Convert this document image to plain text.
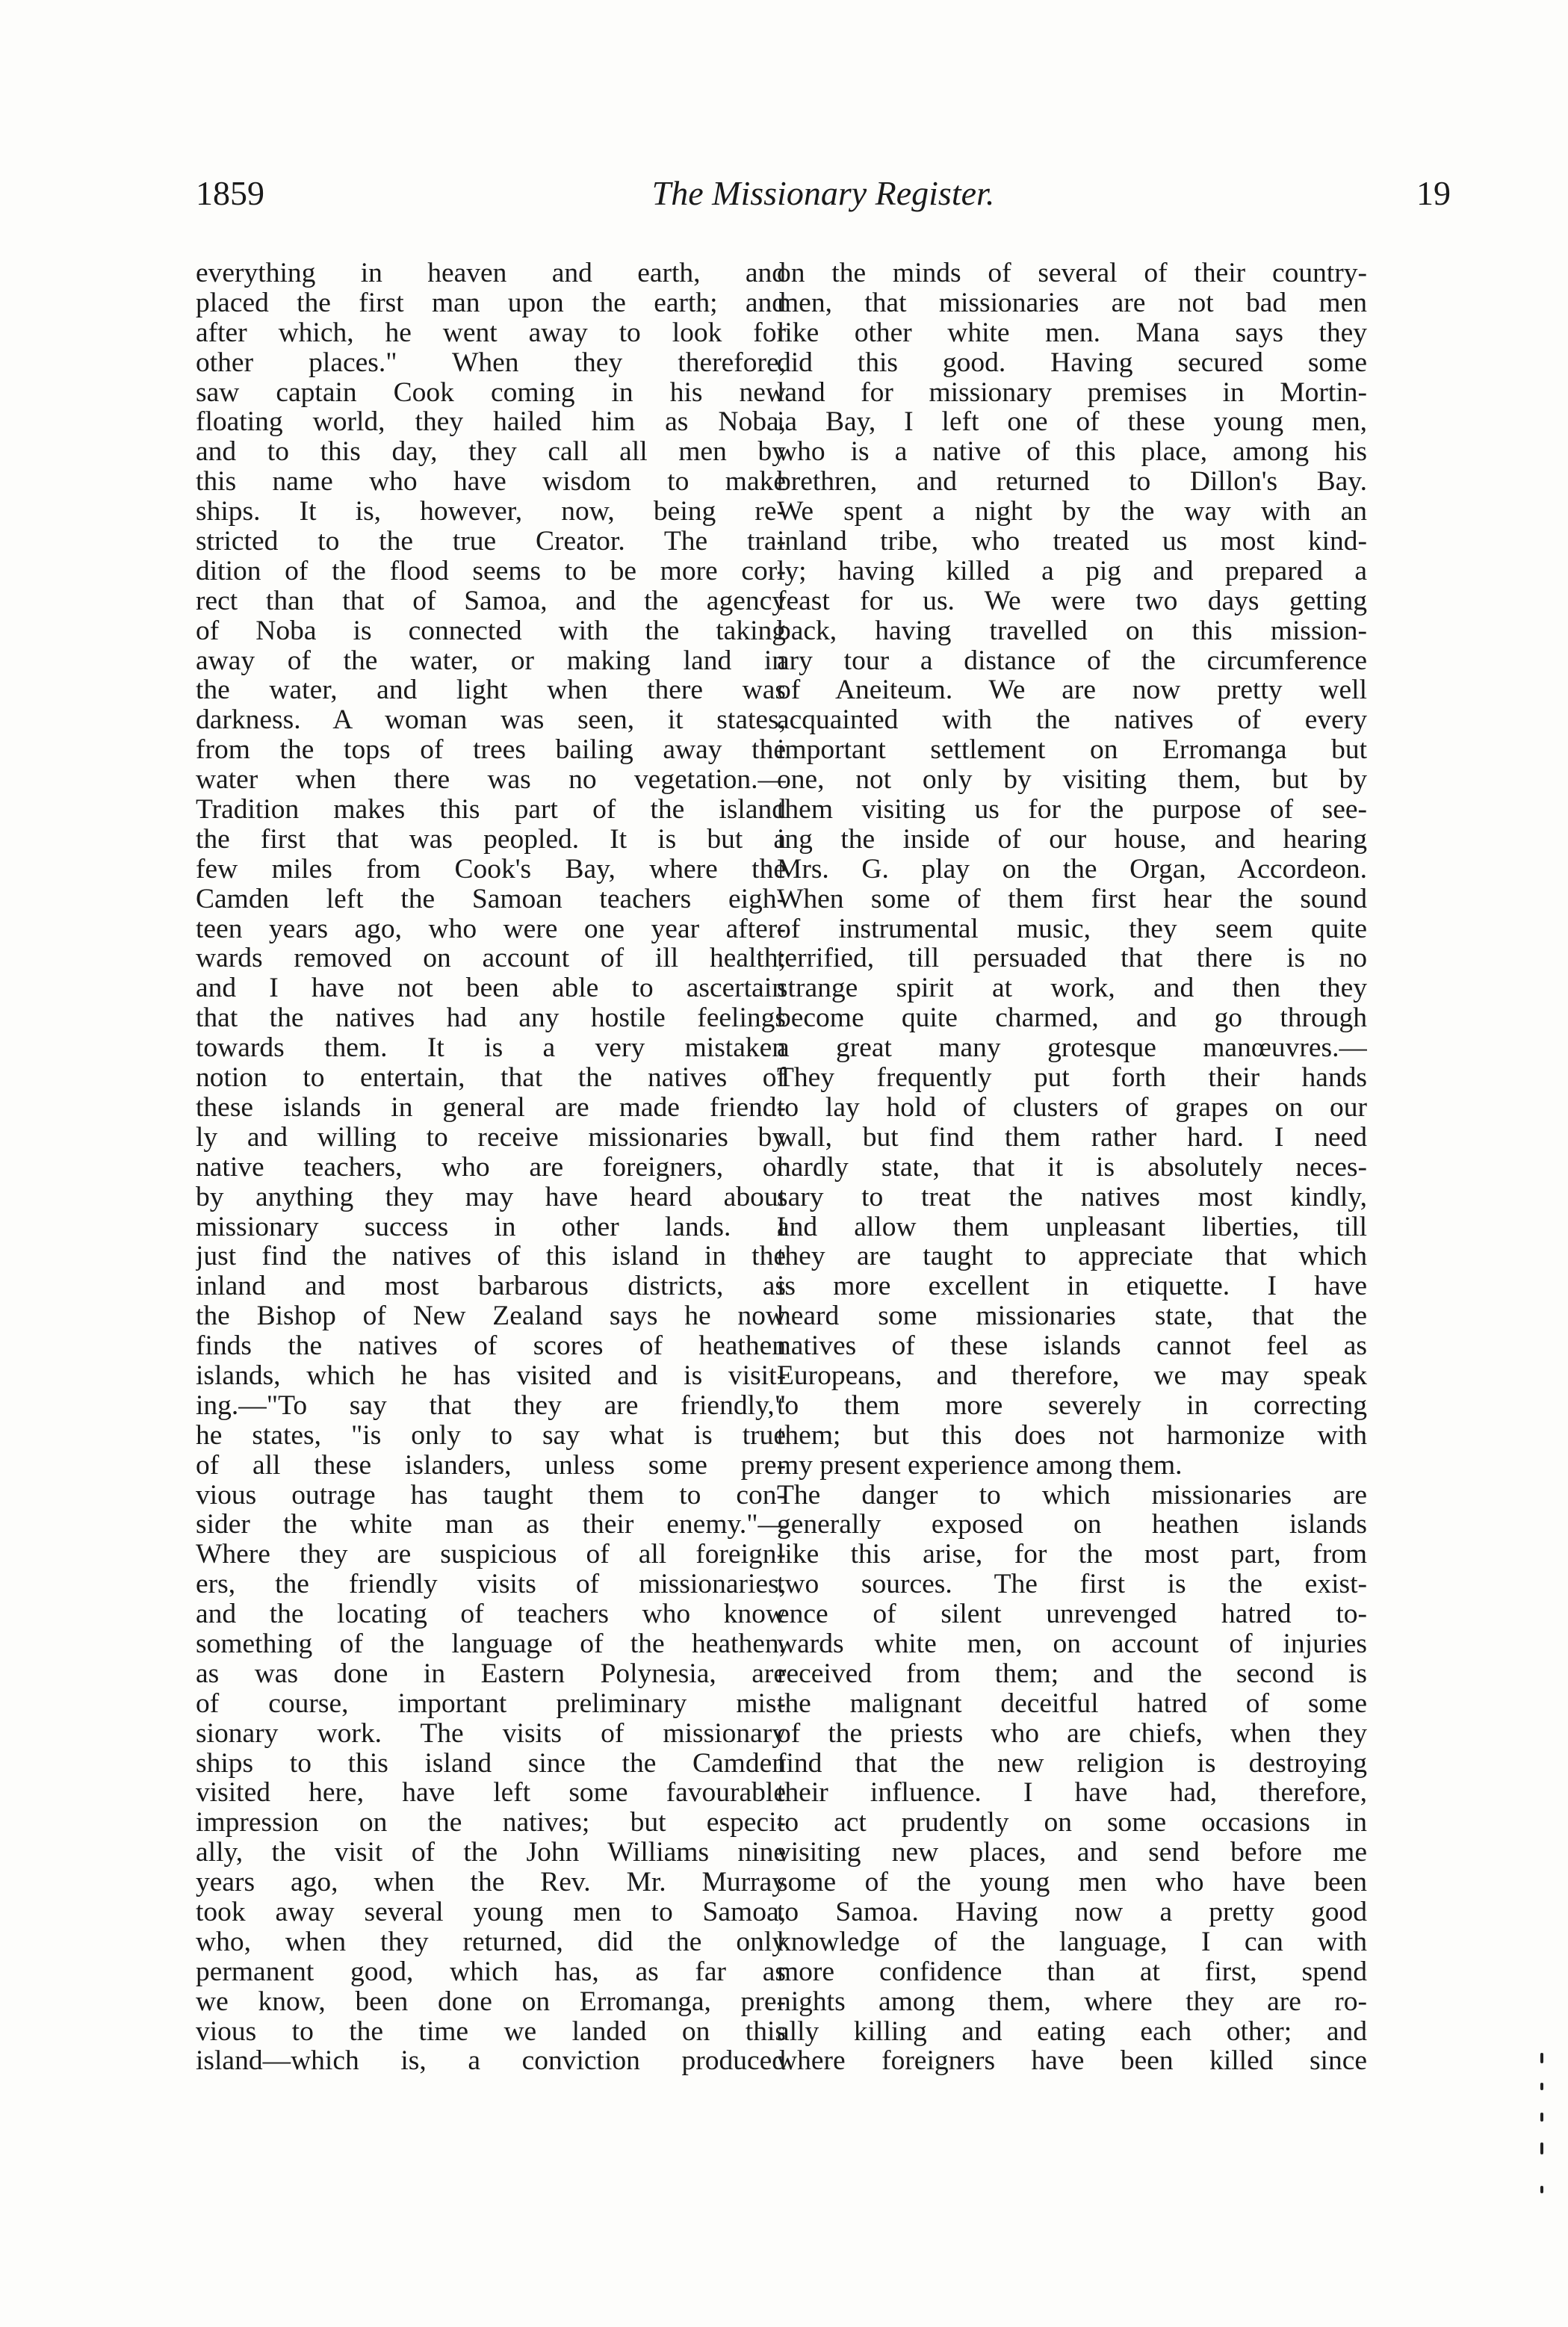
1859	The Missionary Register.	19
everything in heaven and earth, and
placed the first man upon the earth; and
after which, he went away to look for
other places." When they therefore,
saw captain Cook coming in his new
floating world, they hailed him as Noba,
and to this day, they call all men by
this name who have wisdom to make
ships. It is, however, now, being re-
stricted to the true Creator. The tra-
dition of the flood seems to be more cor-
rect than that of Samoa, and the agency
of Noba is connected with the taking
away of the water, or making land in
the water, and light when there was
darkness. A woman was seen, it states,
from the tops of trees bailing away the
water when there was no vegetation.—
Tradition makes this part of the island
the first that was peopled. It is but a
few miles from Cook's Bay, where the
Camden left the Samoan teachers eigh-
teen years ago, who were one year after-
wards removed on account of ill health;
and I have not been able to ascertain
that the natives had any hostile feelings
towards them. It is a very mistaken
notion to entertain, that the natives of
these islands in general are made friend-
ly and willing to receive missionaries by
native teachers, who are foreigners, or
by anything they may have heard about
missionary success in other lands. I
just find the natives of this island in the
inland and most barbarous districts, as
the Bishop of New Zealand says he now
finds the natives of scores of heathen
islands, which he has visited and is visit-
ing.—"To say that they are friendly,"
he states, "is only to say what is true
of all these islanders, unless some pre-
vious outrage has taught them to con-
sider the white man as their enemy."—
Where they are suspicious of all foreign-
ers, the friendly visits of missionaries,
and the locating of teachers who know
something of the language of the heathen,
as was done in Eastern Polynesia, are
of course, important preliminary mis-
sionary work. The visits of missionary
ships to this island since the Camden
visited here, have left some favourable
impression on the natives; but especi-
ally, the visit of the John Williams nine
years ago, when the Rev. Mr. Murray
took away several young men to Samoa,
who, when they returned, did the only
permanent good, which has, as far as
we know, been done on Erromanga, pre-
vious to the time we landed on this
island—which is, a conviction produced
on the minds of several of their country-
men, that missionaries are not bad men
like other white men. Mana says they
did this good. Having secured some
land for missionary premises in Mortin-
ia Bay, I left one of these young men,
who is a native of this place, among his
brethren, and returned to Dillon's Bay.
We spent a night by the way with an
inland tribe, who treated us most kind-
ly; having killed a pig and prepared a
feast for us. We were two days getting
back, having travelled on this mission-
ary tour a distance of the circumference
of Aneiteum. We are now pretty well
acquainted with the natives of every
important settlement on Erromanga but
one, not only by visiting them, but by
them visiting us for the purpose of see-
ing the inside of our house, and hearing
Mrs. G. play on the Organ, Accordeon.
When some of them first hear the sound
of instrumental music, they seem quite
terrified, till persuaded that there is no
strange spirit at work, and then they
become quite charmed, and go through
a great many grotesque manœuvres.—
They frequently put forth their hands
to lay hold of clusters of grapes on our
wall, but find them rather hard. I need
hardly state, that it is absolutely neces-
sary to treat the natives most kindly,
and allow them unpleasant liberties, till
they are taught to appreciate that which
is more excellent in etiquette. I have
heard some missionaries state, that the
natives of these islands cannot feel as
Europeans, and therefore, we may speak
to them more severely in correcting
them; but this does not harmonize with
my present experience among them.
The danger to which missionaries are
generally exposed on heathen islands
like this arise, for the most part, from
two sources. The first is the exist-
ence of silent unrevenged hatred to-
wards white men, on account of injuries
received from them; and the second is
the malignant deceitful hatred of some
of the priests who are chiefs, when they
find that the new religion is destroying
their influence. I have had, therefore,
to act prudently on some occasions in
visiting new places, and send before me
some of the young men who have been
to Samoa. Having now a pretty good
knowledge of the language, I can with
more confidence than at first, spend
nights among them, where they are ro-
ally killing and eating each other; and
where foreigners have been killed since
